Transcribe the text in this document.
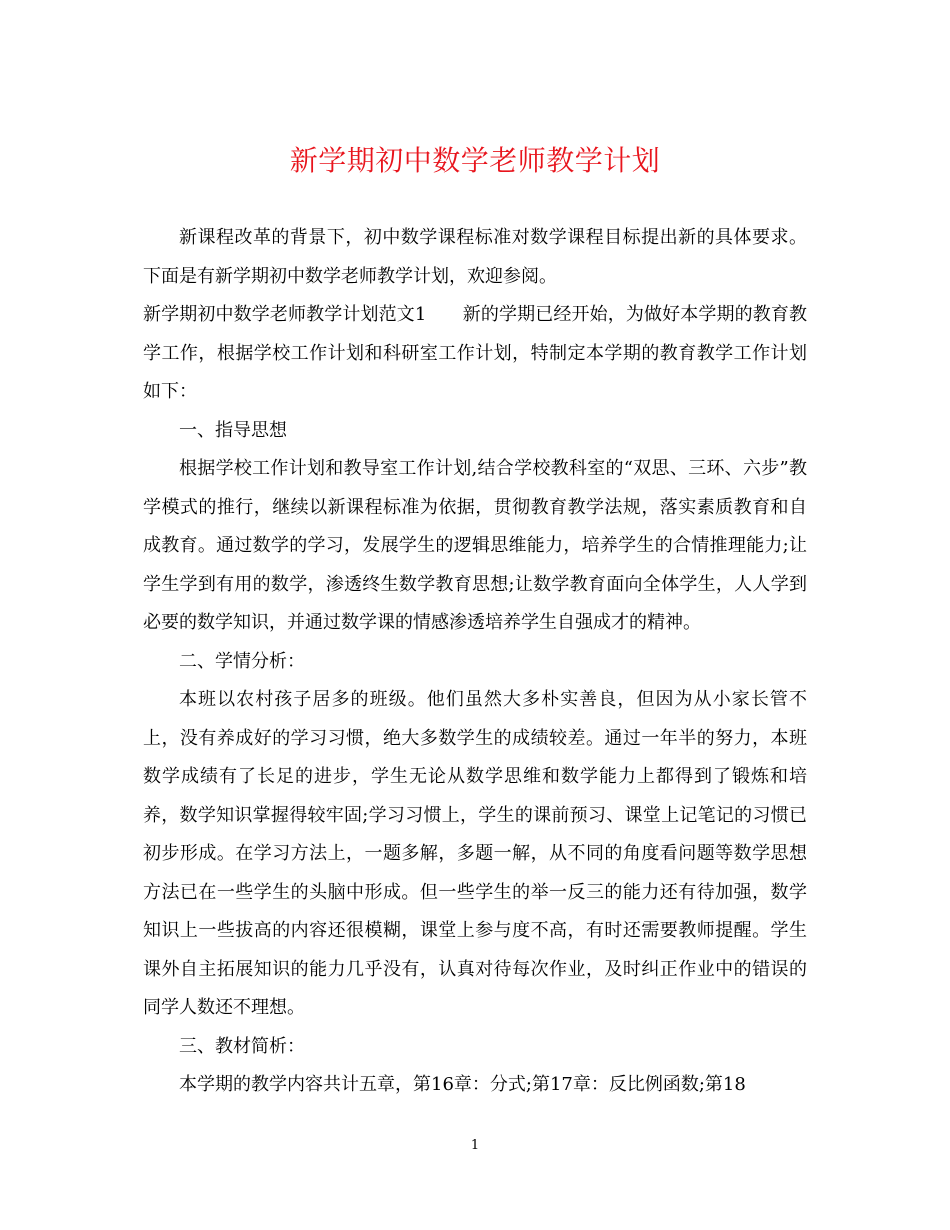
新学期初中数学老师教学计划

新课程改革的背景下，初中数学课程标准对数学课程目标提出新的具体要求。下面是有新学期初中数学老师教学计划，欢迎参阅。

新学期初中数学老师教学计划范文1　　新的学期已经开始，为做好本学期的教育教学工作，根据学校工作计划和科研室工作计划，特制定本学期的教育教学工作计划如下：

一、指导思想

根据学校工作计划和教导室工作计划,结合学校教科室的“双思、三环、六步”教学模式的推行，继续以新课程标准为依据，贯彻教育教学法规，落实素质教育和自成教育。通过数学的学习，发展学生的逻辑思维能力，培养学生的合情推理能力;让学生学到有用的数学，渗透终生数学教育思想;让数学教育面向全体学生，人人学到必要的数学知识，并通过数学课的情感渗透培养学生自强成才的精神。

二、学情分析：

本班以农村孩子居多的班级。他们虽然大多朴实善良，但因为从小家长管不上，没有养成好的学习习惯，绝大多数学生的成绩较差。通过一年半的努力，本班数学成绩有了长足的进步，学生无论从数学思维和数学能力上都得到了锻炼和培养，数学知识掌握得较牢固;学习习惯上，学生的课前预习、课堂上记笔记的习惯已初步形成。在学习方法上，一题多解，多题一解，从不同的角度看问题等数学思想方法已在一些学生的头脑中形成。但一些学生的举一反三的能力还有待加强，数学知识上一些拔高的内容还很模糊，课堂上参与度不高，有时还需要教师提醒。学生课外自主拓展知识的能力几乎没有，认真对待每次作业，及时纠正作业中的错误的同学人数还不理想。

三、教材简析：

本学期的教学内容共计五章，第16章：分式;第17章：反比例函数;第18

1
